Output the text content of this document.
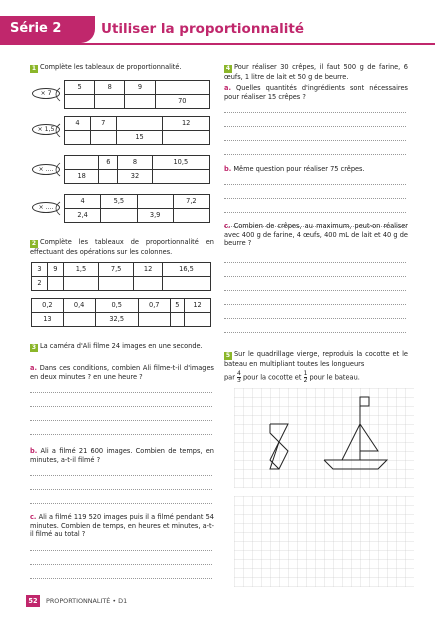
Série 2	Utiliser la proportionnalité
1 Complète les tableaux de proportionnalité.
5	8	9	
			70
× 7
4	7		12
		15	
× 1,5
	6	8	10,5
18		32	
× ....
4	5,5		7,2
2,4		3,9	
× ....
2 Complète les tableaux de proportionnalité en effectuant des opérations sur les colonnes.
3	9	1,5	7,5	12	16,5
2					
0,2	0,4	0,5	0,7	5	12
13		32,5			
3 La caméra d'Ali filme 24 images en une seconde.
a. Dans ces conditions, combien Ali filme-t-il d'images en deux minutes ? en une heure ?
b. Ali a filmé 21 600 images. Combien de temps, en minutes, a-t-il filmé ?
c. Ali a filmé 119 520 images puis il a filmé pendant 54 minutes. Combien de temps, en heures et minutes, a-t-il filmé au total ?
4 Pour réaliser 30 crêpes, il faut 500 g de farine, 6 œufs, 1 litre de lait et 50 g de beurre.
a. Quelles quantités d'ingrédients sont nécessaires pour réaliser 15 crêpes ?
b. Même question pour réaliser 75 crêpes.
c. Combien de crêpes, au maximum, peut-on réaliser avec 400 g de farine, 4 œufs, 400 mL de lait et 40 g de beurre ?
5 Sur le quadrillage vierge, reproduis la cocotte et le bateau en multipliant toutes les longueurs
par $\frac{4}{3}$ pour la cocotte et $\frac{1}{2}$ pour le bateau.
52	PROPORTIONNALITÉ • D1
